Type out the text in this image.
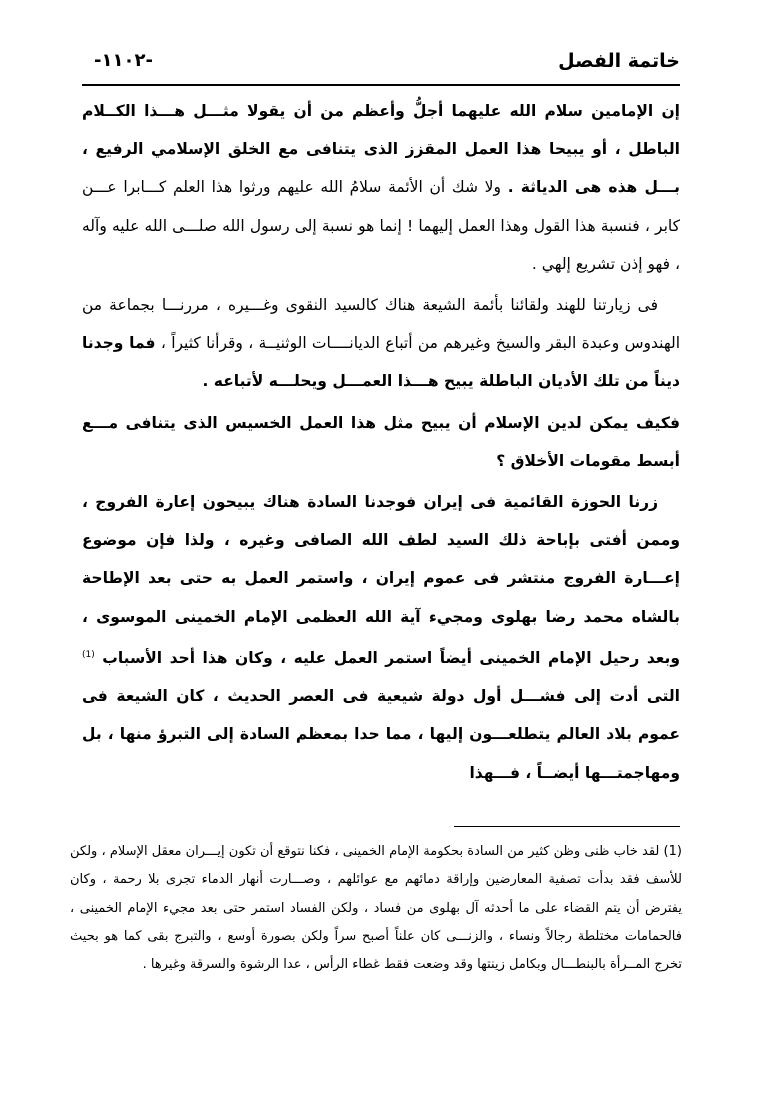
خاتمة الفصل
-١١٠٢-

إن الإمامين سلام الله عليهما أجلُّ وأعظم من أن يقولا مثـــل هـــذا الكــلام الباطل ، أو يبيحا هذا العمل المقزز الذى يتنافى مع الخلق الإسلامي الرفيع ، بـــل هذه هى الدياثة . ولا شك أن الأئمة سلامُ الله عليهم ورثوا هذا العلم كـــابرا عـــن كابر ، فنسبة هذا القول وهذا العمل إليهما ! إنما هو نسبة إلى رسول الله صلـــى الله عليه وآله ، فهو إذن تشريع إلهي .

فى زيارتنا للهند ولقائنا بأئمة الشيعة هناك كالسيد النقوى وغـــيره ، مررنـــا بجماعة من الهندوس وعبدة البقر والسيخ وغيرهم من أتباع الديانــــات الوثنيــة ، وقرأنا كثيراً ، فما وجدنا ديناً من تلك الأديان الباطلة يبيح هـــذا العمـــل ويحلـــه لأتباعه .

فكيف يمكن لدين الإسلام أن يبيح مثل هذا العمل الخسيس الذى يتنافى مـــع أبسط مقومات الأخلاق ؟

زرنا الحوزة القائمية فى إيران فوجدنا السادة هناك يبيحون إعارة الفروج ، وممن أفتى بإباحة ذلك السيد لطف الله الصافى وغيره ، ولذا فإن موضوع إعـــارة الفروج منتشر فى عموم إيران ، واستمر العمل به حتى بعد الإطاحة بالشاه محمد رضا بهلوى ومجيء آية الله العظمى الإمام الخمينى الموسوى ، وبعد رحيل الإمام الخمينى أيضاً استمر العمل عليه ، وكان هذا أحد الأسباب $^{(1)}$ التى أدت إلى فشـــل أول دولة شيعية فى العصر الحديث ، كان الشيعة فى عموم بلاد العالم يتطلعـــون إليها ، مما حدا بمعظم السادة إلى التبرؤ منها ، بل ومهاجمتـــها أيضــاً ، فـــهذا

(1) لقد خاب ظنى وظن كثير من السادة بحكومة الإمام الخمينى ، فكنا نتوقع أن تكون إيـــران معقل الإسلام ، ولكن للأسف فقد بدأت تصفية المعارضين وإراقة دمائهم مع عوائلهم ، وصـــارت أنهار الدماء تجرى بلا رحمة ، وكان يفترض أن يتم القضاء على ما أحدثه آل بهلوى من فساد ، ولكن الفساد استمر حتى بعد مجيء الإمام الخمينى ، فالحمامات مختلطة رجالاً ونساء ، والزنـــى كان علناً أصبح سراً ولكن بصورة أوسع ، والتبرج بقى كما هو بحيث تخرج المــرأة بالبنطـــال وبكامل زينتها وقد وضعت فقط غطاء الرأس ، عدا الرشوة والسرقة وغيرها .
